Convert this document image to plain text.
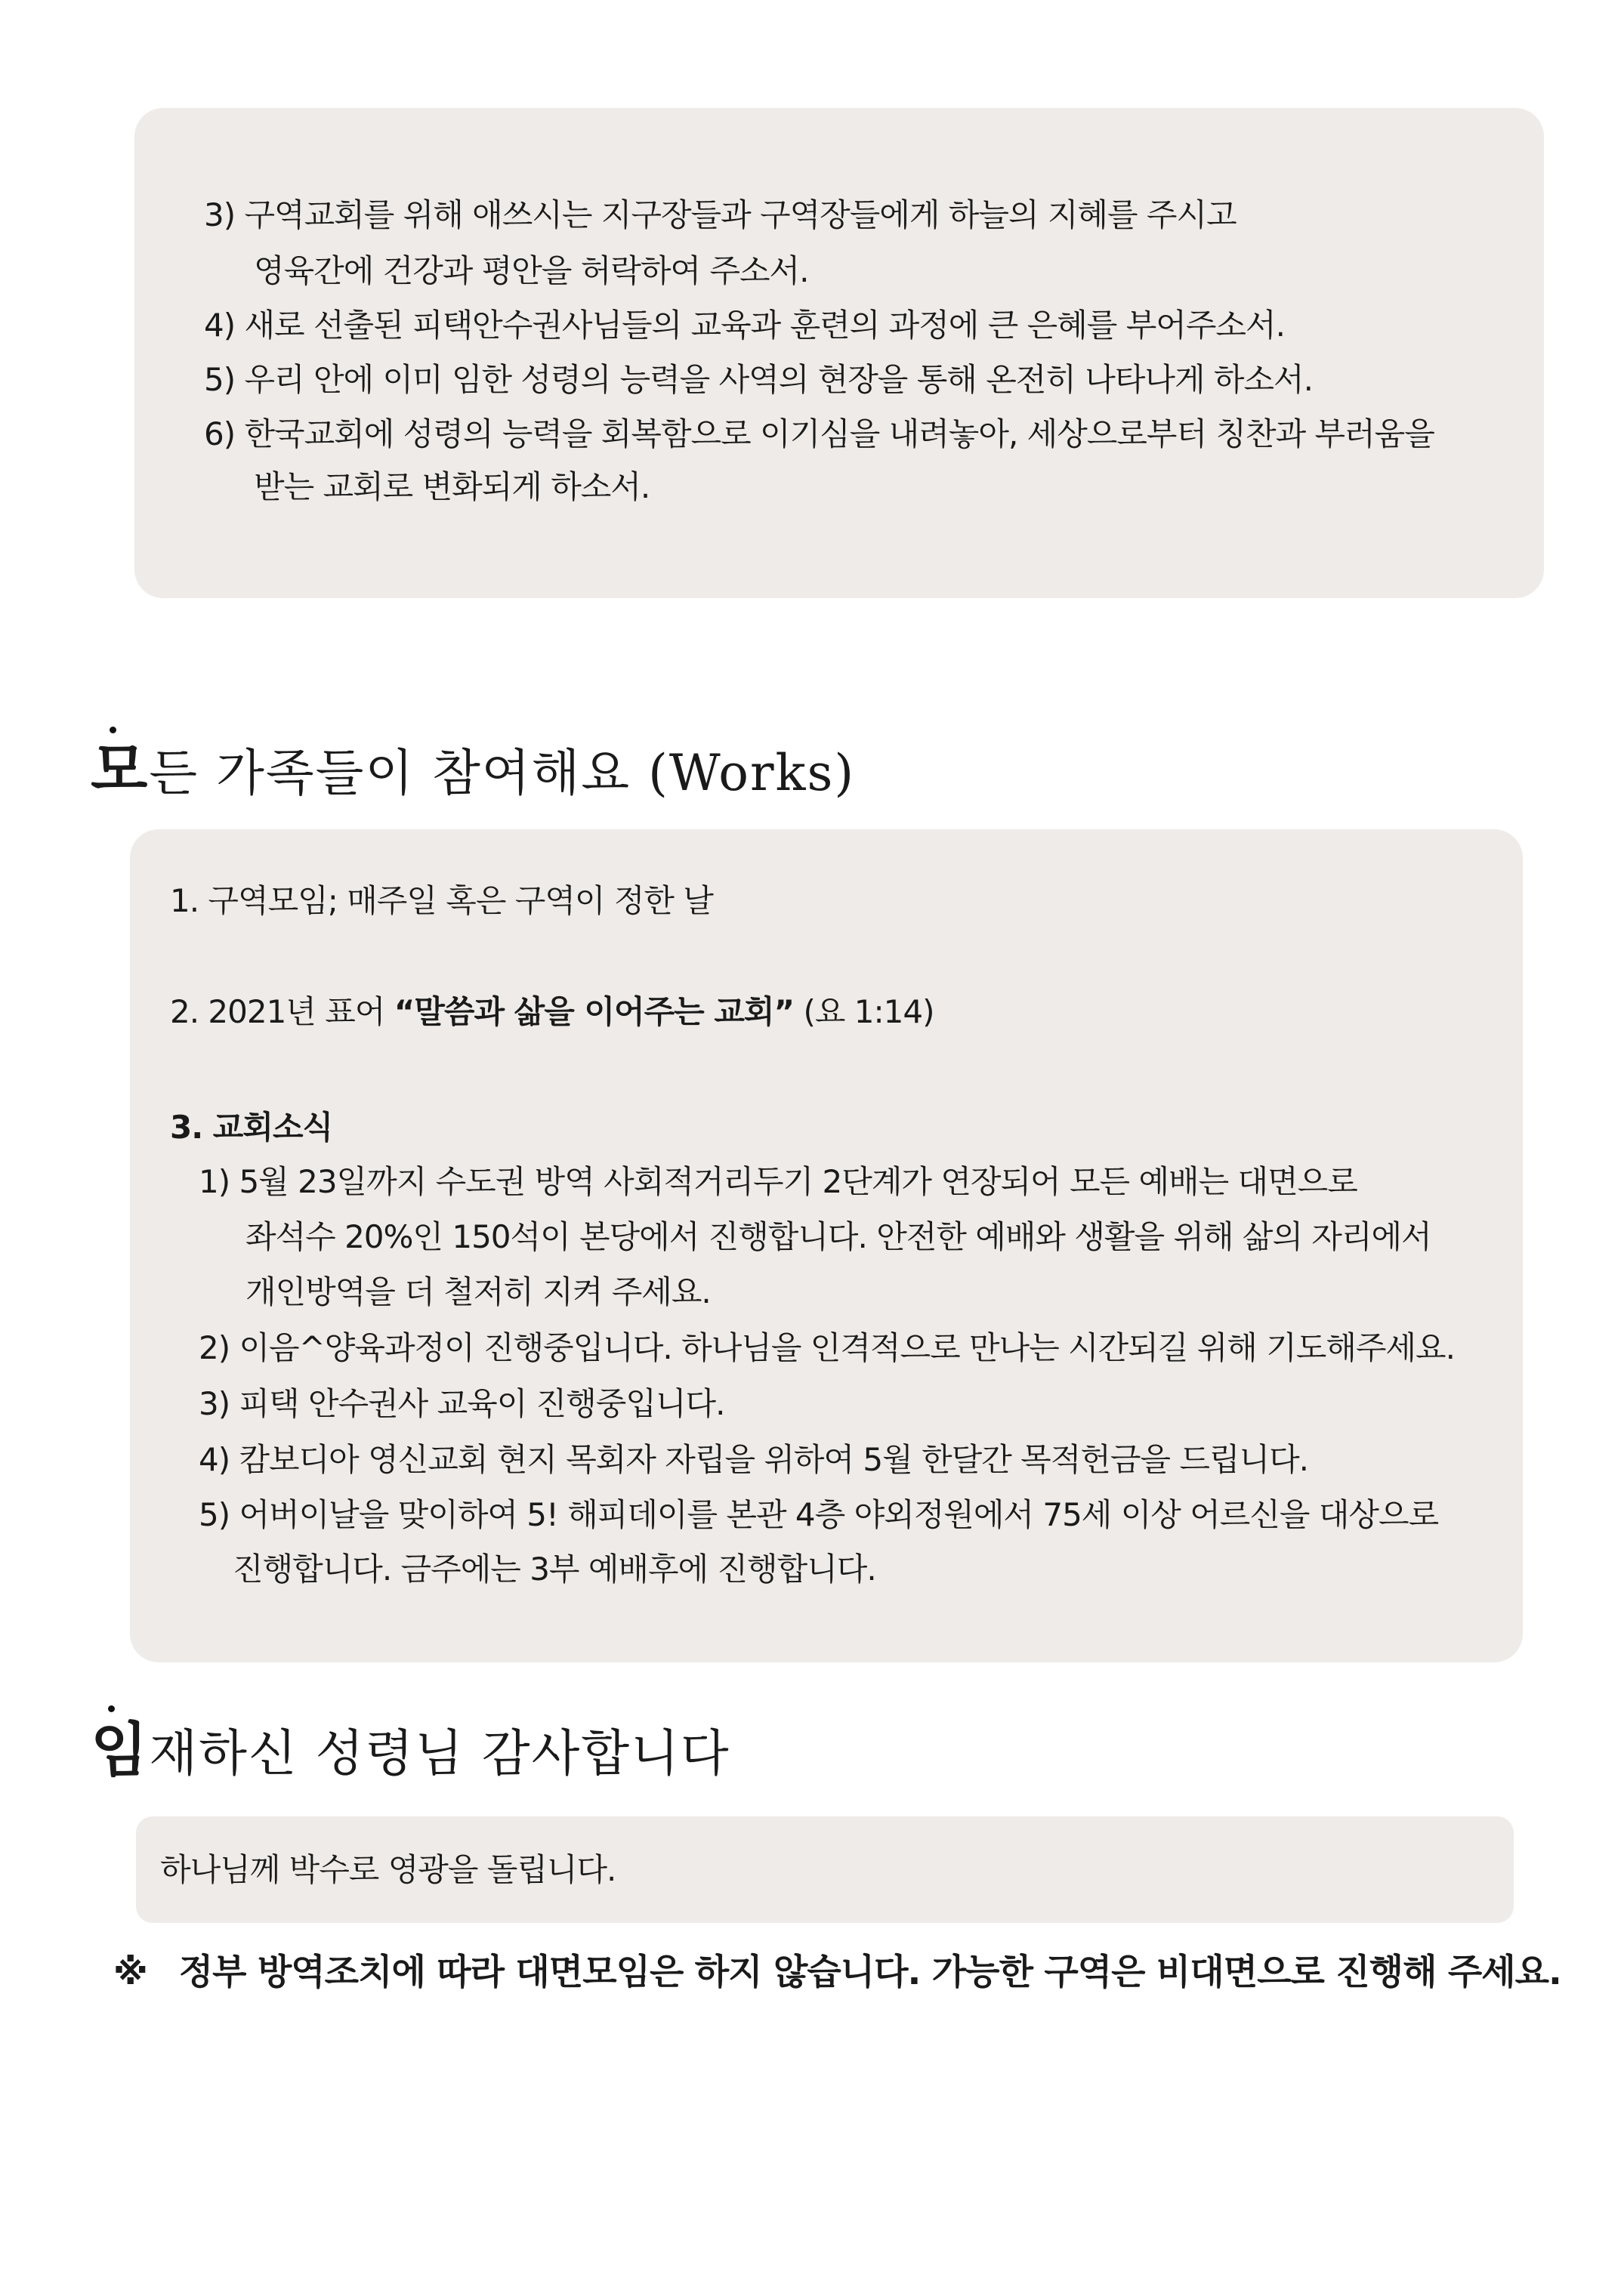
3) 구역교회를 위해 애쓰시는 지구장들과 구역장들에게 하늘의 지혜를 주시고
영육간에 건강과 평안을 허락하여 주소서.
4) 새로 선출된 피택안수권사님들의 교육과 훈련의 과정에 큰 은혜를 부어주소서.
5) 우리 안에 이미 임한 성령의 능력을 사역의 현장을 통해 온전히 나타나게 하소서.
6) 한국교회에 성령의 능력을 회복함으로 이기심을 내려놓아, 세상으로부터 칭찬과 부러움을
받는 교회로 변화되게 하소서.
모든 가족들이 참여해요 (Works)
1. 구역모임; 매주일 혹은 구역이 정한 날
2. 2021년 표어 “말씀과 삶을 이어주는 교회” (요 1:14)
3. 교회소식
1) 5월 23일까지 수도권 방역 사회적거리두기 2단계가 연장되어 모든 예배는 대면으로
좌석수 20%인 150석이 본당에서 진행합니다. 안전한 예배와 생활을 위해 삶의 자리에서
개인방역을 더 철저히 지켜 주세요.
2) 이음^양육과정이 진행중입니다. 하나님을 인격적으로 만나는 시간되길 위해 기도해주세요.
3) 피택 안수권사 교육이 진행중입니다.
4) 캄보디아 영신교회 현지 목회자 자립을 위하여 5월 한달간 목적헌금을 드립니다.
5) 어버이날을 맞이하여 5! 해피데이를 본관 4층 야외정원에서 75세 이상 어르신을 대상으로
진행합니다. 금주에는 3부 예배후에 진행합니다.
임재하신 성령님 감사합니다
하나님께 박수로 영광을 돌립니다.
※ 정부 방역조치에 따라 대면모임은 하지 않습니다. 가능한 구역은 비대면으로 진행해 주세요.
